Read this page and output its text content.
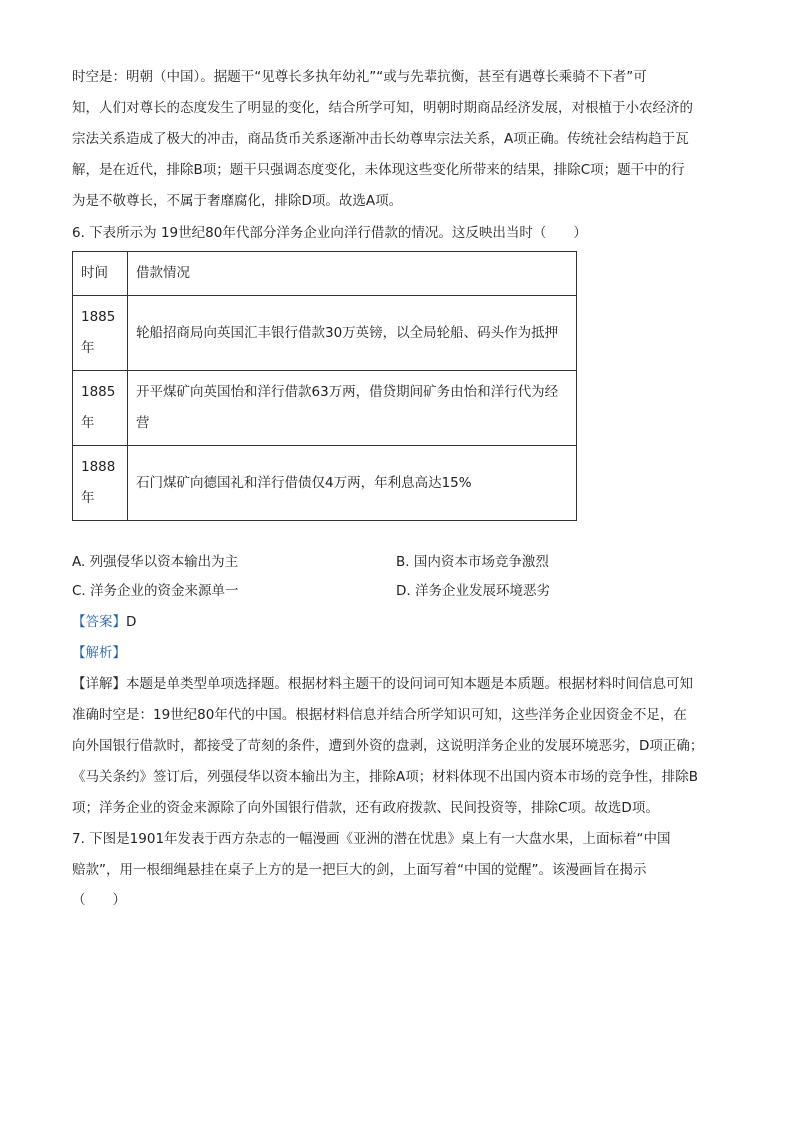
时空是：明朝（中国）。据题干“见尊长多执年幼礼”“或与先辈抗衡，甚至有遇尊长乘骑不下者”可
知，人们对尊长的态度发生了明显的变化，结合所学可知，明朝时期商品经济发展，对根植于小农经济的
宗法关系造成了极大的冲击，商品货币关系逐渐冲击长幼尊卑宗法关系，A项正确。传统社会结构趋于瓦
解，是在近代，排除B项；题干只强调态度变化，未体现这些变化所带来的结果，排除C项；题干中的行
为是不敬尊长，不属于奢靡腐化，排除D项。故选A项。
6. 下表所示为 19世纪80年代部分洋务企业向洋行借款的情况。这反映出当时（　　）
时间	借款情况

1885
年	轮船招商局向英国汇丰银行借款30万英镑，以全局轮船、码头作为抵押

1885
年	开平煤矿向英国怡和洋行借款63万两，借贷期间矿务由怡和洋行代为经营

1888
年	石门煤矿向德国礼和洋行借债仅4万两，年利息高达15%
A. 列强侵华以资本输出为主	B. 国内资本市场竞争激烈
C. 洋务企业的资金来源单一	D. 洋务企业发展环境恶劣
【答案】D
【解析】
【详解】本题是单类型单项选择题。根据材料主题干的设问词可知本题是本质题。根据材料时间信息可知
准确时空是：19世纪80年代的中国。根据材料信息并结合所学知识可知，这些洋务企业因资金不足，在
向外国银行借款时，都接受了苛刻的条件，遭到外资的盘剥，这说明洋务企业的发展环境恶劣，D项正确；
《马关条约》签订后，列强侵华以资本输出为主，排除A项；材料体现不出国内资本市场的竞争性，排除B
项；洋务企业的资金来源除了向外国银行借款，还有政府拨款、民间投资等，排除C项。故选D项。
7. 下图是1901年发表于西方杂志的一幅漫画《亚洲的潜在忧患》桌上有一大盘水果，上面标着“中国
赔款”，用一根细绳悬挂在桌子上方的是一把巨大的剑，上面写着“中国的觉醒”。该漫画旨在揭示
（　　）
